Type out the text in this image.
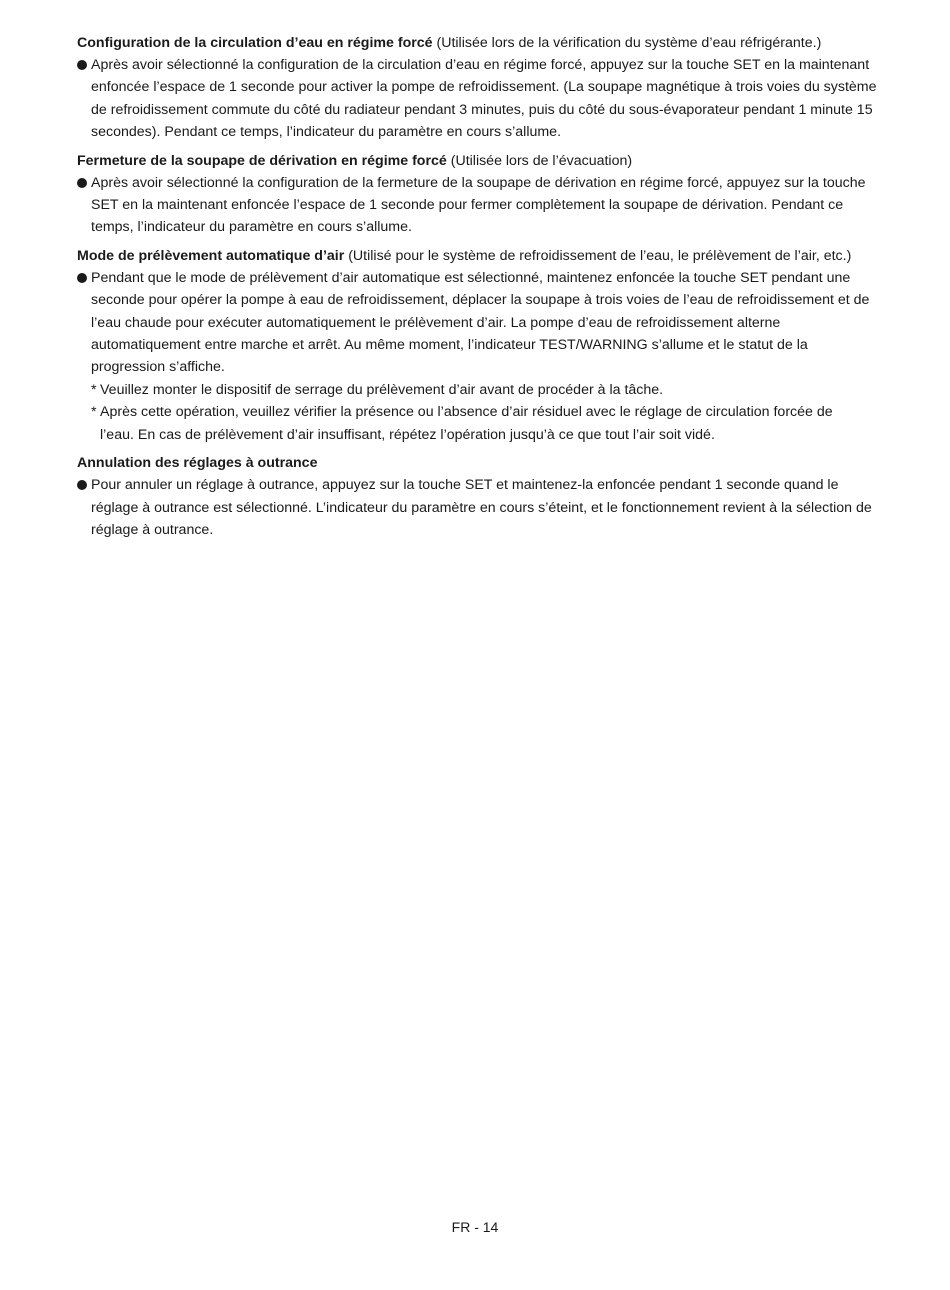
Configuration de la circulation d’eau en régime forcé (Utilisée lors de la vérification du système d’eau réfrigérante.)
Après avoir sélectionné la configuration de la circulation d’eau en régime forcé, appuyez sur la touche SET en la maintenant enfoncée l’espace de 1 seconde pour activer la pompe de refroidissement. (La soupape magnétique à trois voies du système de refroidissement commute du côté du radiateur pendant 3 minutes, puis du côté du sous-évaporateur pendant 1 minute 15 secondes). Pendant ce temps, l’indicateur du paramètre en cours s’allume.
Fermeture de la soupape de dérivation en régime forcé (Utilisée lors de l’évacuation)
Après avoir sélectionné la configuration de la fermeture de la soupape de dérivation en régime forcé, appuyez sur la touche SET en la maintenant enfoncée l’espace de 1 seconde pour fermer complètement la soupape de dérivation. Pendant ce temps, l’indicateur du paramètre en cours s’allume.
Mode de prélèvement automatique d’air (Utilisé pour le système de refroidissement de l’eau, le prélèvement de l’air, etc.)
Pendant que le mode de prélèvement d’air automatique est sélectionné, maintenez enfoncée la touche SET pendant une seconde pour opérer la pompe à eau de refroidissement, déplacer la soupape à trois voies de l’eau de refroidissement et de l’eau chaude pour exécuter automatiquement le prélèvement d’air. La pompe d’eau de refroidissement alterne automatiquement entre marche et arrêt. Au même moment, l’indicateur TEST/WARNING s’allume et le statut de la progression s’affiche.
* Veuillez monter le dispositif de serrage du prélèvement d’air avant de procéder à la tâche.
* Après cette opération, veuillez vérifier la présence ou l’absence d’air résiduel avec le réglage de circulation forcée de
l’eau. En cas de prélèvement d’air insuffisant, répétez l’opération jusqu’à ce que tout l’air soit vidé.
Annulation des réglages à outrance
Pour annuler un réglage à outrance, appuyez sur la touche SET et maintenez-la enfoncée pendant 1 seconde quand le réglage à outrance est sélectionné. L’indicateur du paramètre en cours s’éteint, et le fonctionnement revient à la sélection de réglage à outrance.
FR - 14
